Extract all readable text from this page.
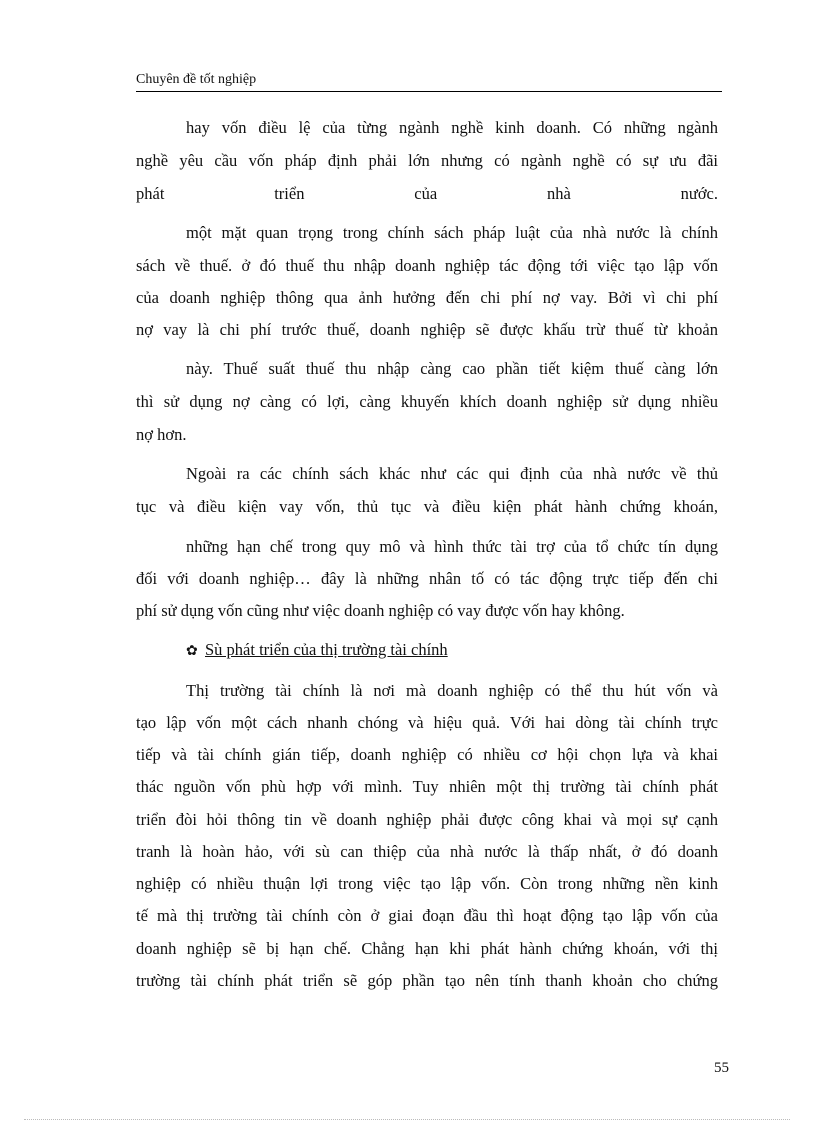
Chuyên đề tốt nghiệp
hay vốn điều lệ của từng ngành nghề kinh doanh. Có những ngành
nghề yêu cầu vốn pháp định phải lớn nhưng có ngành nghề có sự ưu đãi
phát triển của nhà nước.
một mặt quan trọng trong chính sách pháp luật của nhà nước là chính
sách về thuế. ở đó thuế thu nhập doanh nghiệp tác động tới việc tạo lập vốn
của doanh nghiệp thông qua ảnh hưởng đến chi phí nợ vay. Bởi vì chi phí
nợ vay là chi phí trước thuế, doanh nghiệp sẽ được khấu trừ thuế từ khoản
này. Thuế suất thuế thu nhập càng cao phần tiết kiệm thuế càng lớn
thì sử dụng nợ càng có lợi, càng khuyến khích doanh nghiệp sử dụng nhiều
nợ hơn.
Ngoài ra các chính sách khác như các qui định của nhà nước về thủ
tục và điều kiện vay vốn, thủ tục và điều kiện phát hành chứng khoán,
những hạn chế trong quy mô và hình thức tài trợ của tổ chức tín dụng
đối với doanh nghiệp… đây là những nhân tố có tác động trực tiếp đến chi
phí sử dụng vốn cũng như việc doanh nghiệp có vay được vốn hay không.
✿ Sù phát triển của thị trường tài chính
Thị trường tài chính là nơi mà doanh nghiệp có thể thu hút vốn và
tạo lập vốn một cách nhanh chóng và hiệu quả. Với hai dòng tài chính trực
tiếp và tài chính gián tiếp, doanh nghiệp có nhiều cơ hội chọn lựa và khai
thác nguồn vốn phù hợp với mình. Tuy nhiên một thị trường tài chính phát
triển đòi hỏi thông tin về doanh nghiệp phải được công khai và mọi sự cạnh
tranh là hoàn hảo, với sù can thiệp của nhà nước là thấp nhất, ở đó doanh
nghiệp có nhiều thuận lợi trong việc tạo lập vốn. Còn trong những nền kinh
tế mà thị trường tài chính còn ở giai đoạn đầu thì hoạt động tạo lập vốn của
doanh nghiệp sẽ bị hạn chế. Chẳng hạn khi phát hành chứng khoán, với thị
trường tài chính phát triển sẽ góp phần tạo nên tính thanh khoản cho chứng
55
